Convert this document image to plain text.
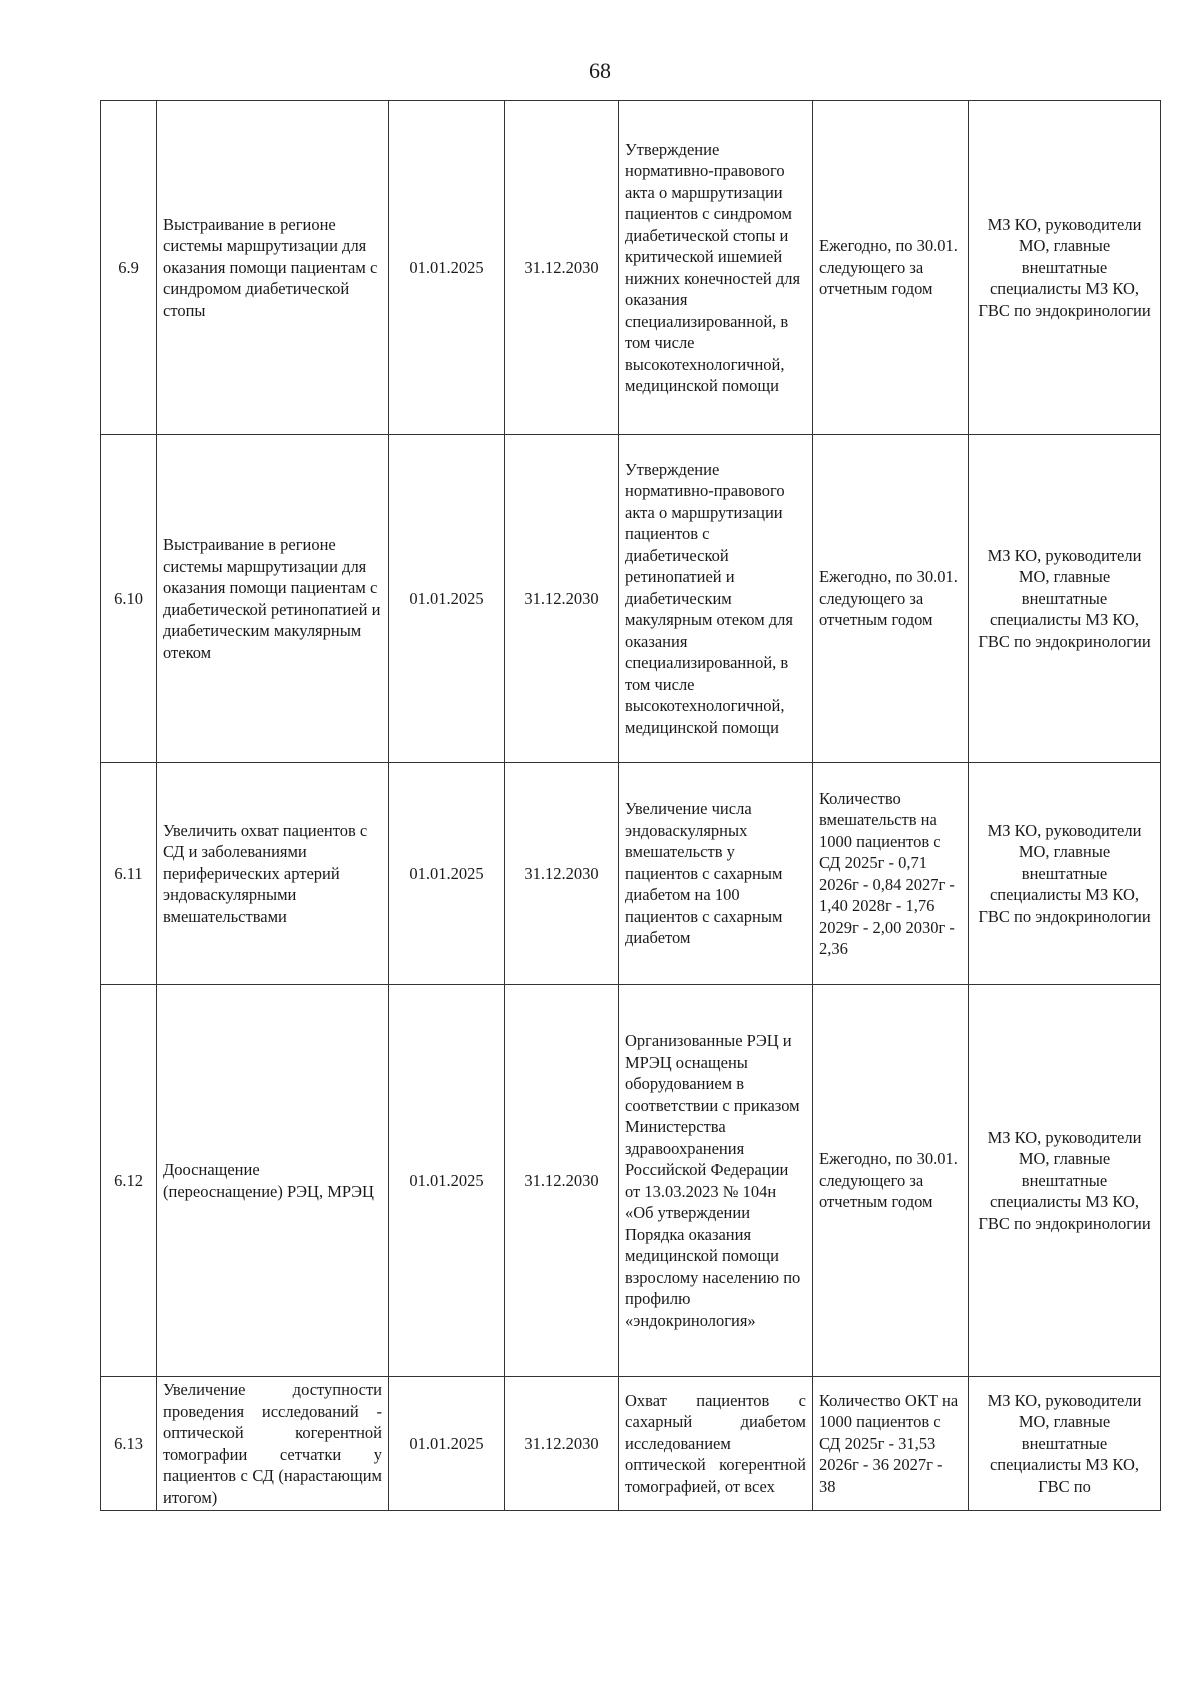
68
6.9	Выстраивание в регионе системы маршрутизации для оказания помощи пациентам с синдромом диабетической стопы	01.01.2025	31.12.2030	Утверждение нормативно-правового акта о маршрутизации пациентов с синдромом диабетической стопы и критической ишемией нижних конечностей для оказания специализированной, в том числе высокотехнологичной, медицинской помощи	Ежегодно, по 30.01. следующего за отчетным годом	МЗ КО, руководители МО, главные внештатные специалисты МЗ КО, ГВС по эндокринологии
6.10	Выстраивание в регионе системы маршрутизации для оказания помощи пациентам с диабетической ретинопатией и диабетическим макулярным отеком	01.01.2025	31.12.2030	Утверждение нормативно-правового акта о маршрутизации пациентов с диабетической ретинопатией и диабетическим макулярным отеком для оказания специализированной, в том числе высокотехнологичной, медицинской помощи	Ежегодно, по 30.01. следующего за отчетным годом	МЗ КО, руководители МО, главные внештатные специалисты МЗ КО, ГВС по эндокринологии
6.11	Увеличить охват пациентов с СД и заболеваниями периферических артерий эндоваскулярными вмешательствами	01.01.2025	31.12.2030	Увеличение числа эндоваскулярных вмешательств у пациентов с сахарным диабетом на 100 пациентов с сахарным диабетом	Количество вмешательств на 1000 пациентов с СД 2025г - 0,71 2026г - 0,84 2027г - 1,40 2028г - 1,76 2029г - 2,00 2030г - 2,36	МЗ КО, руководители МО, главные внештатные специалисты МЗ КО, ГВС по эндокринологии
6.12	Дооснащение (переоснащение) РЭЦ, МРЭЦ	01.01.2025	31.12.2030	Организованные РЭЦ и МРЭЦ оснащены оборудованием в соответствии с приказом Министерства здравоохранения Российской Федерации от 13.03.2023 № 104н «Об утверждении Порядка оказания медицинской помощи взрослому населению по профилю «эндокринология»	Ежегодно, по 30.01. следующего за отчетным годом	МЗ КО, руководители МО, главные внештатные специалисты МЗ КО, ГВС по эндокринологии
6.13	Увеличение доступности проведения исследований - оптической когерентной томографии сетчатки у пациентов с СД (нарастающим итогом)	01.01.2025	31.12.2030	Охват пациентов с сахарный диабетом исследованием оптической когерентной томографией, от всех	Количество ОКТ на 1000 пациентов с СД 2025г - 31,53 2026г - 36 2027г - 38	МЗ КО, руководители МО, главные внештатные специалисты МЗ КО, ГВС по
